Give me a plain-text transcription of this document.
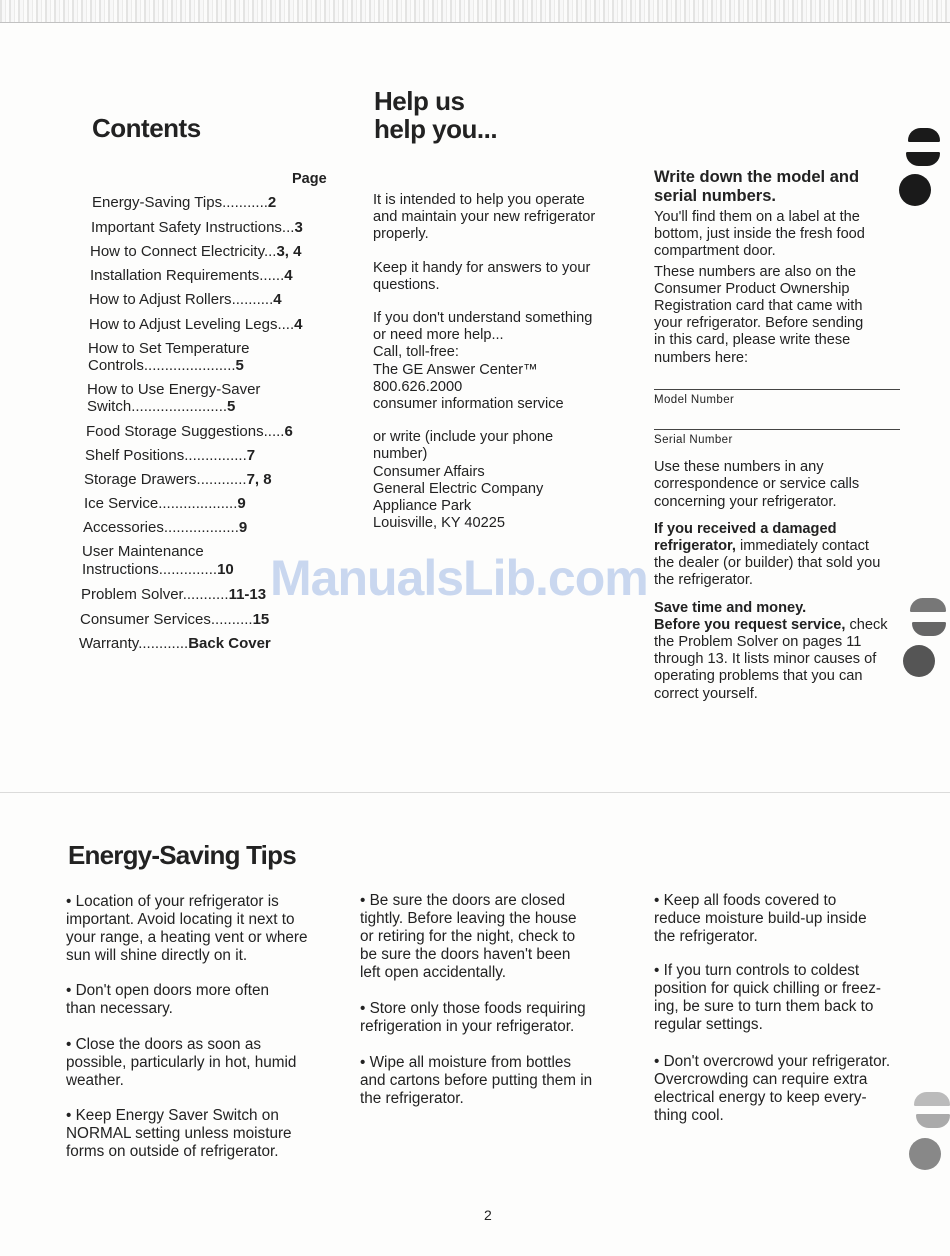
Contents
Page
Energy-Saving Tips...........2
Important Safety Instructions...3
How to Connect Electricity...3, 4
Installation Requirements......4
How to Adjust Rollers..........4
How to Adjust Leveling Legs....4
How to Set Temperature
Controls......................5
How to Use Energy-Saver
Switch.......................5
Food Storage Suggestions.....6
Shelf Positions...............7
Storage Drawers............7, 8
Ice Service...................9
Accessories..................9
User Maintenance
Instructions..............10
Problem Solver...........11-13
Consumer Services..........15
Warranty............Back Cover
Help us
help you...

It is intended to help you operate
and maintain your new refrigerator
properly.

Keep it handy for answers to your
questions.

If you don't understand something
or need more help...
Call, toll-free:
The GE Answer Center™
800.626.2000
consumer information service

or write (include your phone
number)
Consumer Affairs
General Electric Company
Appliance Park
Louisville, KY 40225

Write down the model and
serial numbers.

You'll find them on a label at the
bottom, just inside the fresh food
compartment door.

These numbers are also on the
Consumer Product Ownership
Registration card that came with
your refrigerator. Before sending
in this card, please write these
numbers here:

Model Number
Serial Number

Use these numbers in any
correspondence or service calls
concerning your refrigerator.

If you received a damaged
refrigerator, immediately contact
the dealer (or builder) that sold you
the refrigerator.

Save time and money.
Before you request service, check
the Problem Solver on pages 11
through 13. It lists minor causes of
operating problems that you can
correct yourself.

Energy-Saving Tips
• Location of your refrigerator is
important. Avoid locating it next to
your range, a heating vent or where
sun will shine directly on it.
• Don't open doors more often
than necessary.
• Close the doors as soon as
possible, particularly in hot, humid
weather.
• Keep Energy Saver Switch on
NORMAL setting unless moisture
forms on outside of refrigerator.
• Be sure the doors are closed
tightly. Before leaving the house
or retiring for the night, check to
be sure the doors haven't been
left open accidentally.
• Store only those foods requiring
refrigeration in your refrigerator.
• Wipe all moisture from bottles
and cartons before putting them in
the refrigerator.
• Keep all foods covered to
reduce moisture build-up inside
the refrigerator.
• If you turn controls to coldest
position for quick chilling or freez-
ing, be sure to turn them back to
regular settings.
• Don't overcrowd your refrigerator.
Overcrowding can require extra
electrical energy to keep every-
thing cool.
ManualsLib.com
2
